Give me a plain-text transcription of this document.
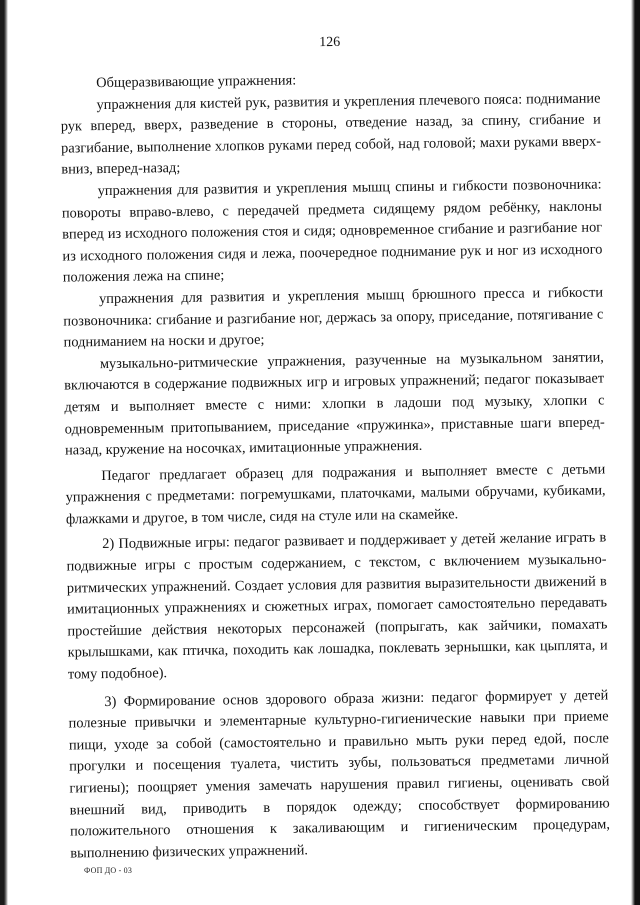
126

Общеразвивающие упражнения:

упражнения для кистей рук, развития и укрепления плечевого пояса: поднимание рук вперед, вверх, разведение в стороны, отведение назад, за спину, сгибание и разгибание, выполнение хлопков руками перед собой, над головой; махи руками вверх-вниз, вперед-назад;

упражнения для развития и укрепления мышц спины и гибкости позвоночника: повороты вправо-влево, с передачей предмета сидящему рядом ребёнку, наклоны вперед из исходного положения стоя и сидя; одновременное сгибание и разгибание ног из исходного положения сидя и лежа, поочередное поднимание рук и ног из исходного положения лежа на спине;

упражнения для развития и укрепления мышц брюшного пресса и гибкости позвоночника: сгибание и разгибание ног, держась за опору, приседание, потягивание с подниманием на носки и другое;

музыкально-ритмические упражнения, разученные на музыкальном занятии, включаются в содержание подвижных игр и игровых упражнений; педагог показывает детям и выполняет вместе с ними: хлопки в ладоши под музыку, хлопки с одновременным притопыванием, приседание «пружинка», приставные шаги вперед-назад, кружение на носочках, имитационные упражнения.

Педагог предлагает образец для подражания и выполняет вместе с детьми упражнения с предметами: погремушками, платочками, малыми обручами, кубиками, флажками и другое, в том числе, сидя на стуле или на скамейке.

2) Подвижные игры: педагог развивает и поддерживает у детей желание играть в подвижные игры с простым содержанием, с текстом, с включением музыкально-ритмических упражнений. Создает условия для развития выразительности движений в имитационных упражнениях и сюжетных играх, помогает самостоятельно передавать простейшие действия некоторых персонажей (попрыгать, как зайчики, помахать крылышками, как птичка, походить как лошадка, поклевать зернышки, как цыплята, и тому подобное).

3) Формирование основ здорового образа жизни: педагог формирует у детей полезные привычки и элементарные культурно-гигиенические навыки при приеме пищи, уходе за собой (самостоятельно и правильно мыть руки перед едой, после прогулки и посещения туалета, чистить зубы, пользоваться предметами личной гигиены); поощряет умения замечать нарушения правил гигиены, оценивать свой внешний вид, приводить в порядок одежду; способствует формированию положительного отношения к закаливающим и гигиеническим процедурам, выполнению физических упражнений.

ФОП ДО - 03
